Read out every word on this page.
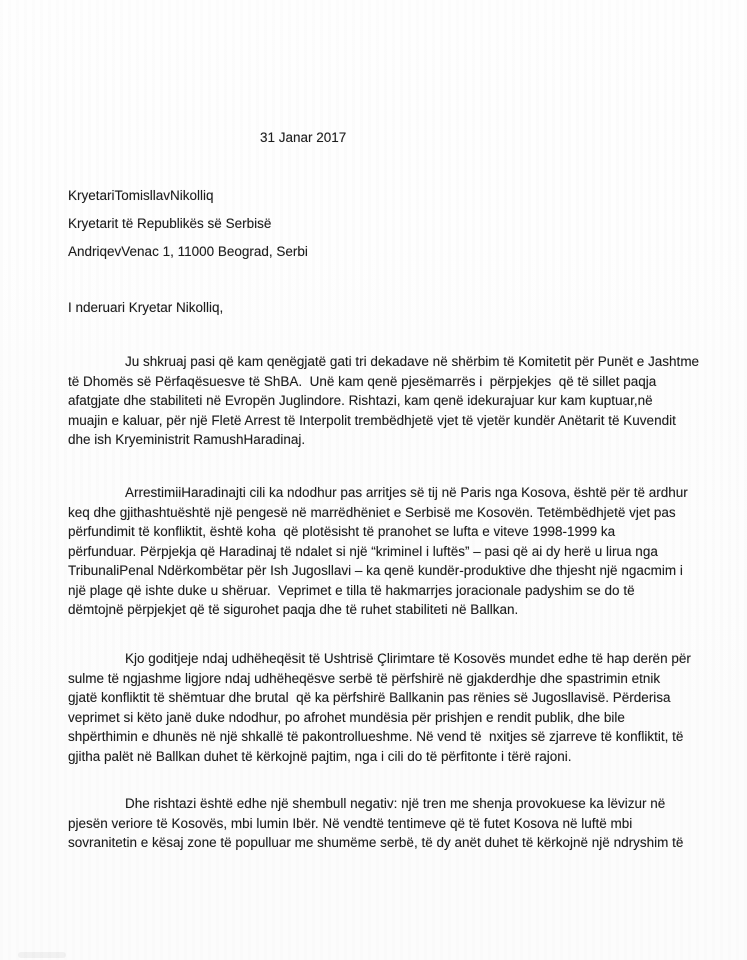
31 Janar 2017
KryetariTomisllavNikolliq
Kryetarit të Republikës së Serbisë
AndriqevVenac 1, 11000 Beograd, Serbi
I nderuari Kryetar Nikolliq,
Ju shkruaj pasi që kam qenëgjatë gati tri dekadave në shërbim të Komitetit për Punët e Jashtme
të Dhomës së Përfaqësuesve të ShBA.  Unë kam qenë pjesëmarrës i  përpjekjes  që të sillet paqja
afatgjate dhe stabiliteti në Evropën Juglindore. Rishtazi, kam qenë idekurajuar kur kam kuptuar,në
muajin e kaluar, për një Fletë Arrest të Interpolit trembëdhjetë vjet të vjetër kundër Anëtarit të Kuvendit
dhe ish Kryeministrit RamushHaradinaj.
ArrestimiiHaradinajti cili ka ndodhur pas arritjes së tij në Paris nga Kosova, është për të ardhur
keq dhe gjithashtuështë një pengesë në marrëdhëniet e Serbisë me Kosovën. Tetëmbëdhjetë vjet pas
përfundimit të konfliktit, është koha  që plotësisht të pranohet se lufta e viteve 1998-1999 ka
përfunduar. Përpjekja që Haradinaj të ndalet si një “kriminel i luftës” – pasi që ai dy herë u lirua nga
TribunaliPenal Ndërkombëtar për Ish Jugosllavi – ka qenë kundër-produktive dhe thjesht një ngacmim i
një plage që ishte duke u shëruar.  Veprimet e tilla të hakmarrjes joracionale padyshim se do të
dëmtojnë përpjekjet që të sigurohet paqja dhe të ruhet stabiliteti në Ballkan.
Kjo goditjeje ndaj udhëheqësit të Ushtrisë Çlirimtare të Kosovës mundet edhe të hap derën për
sulme të ngjashme ligjore ndaj udhëheqësve serbë të përfshirë në gjakderdhje dhe spastrimin etnik
gjatë konfliktit të shëmtuar dhe brutal  që ka përfshirë Ballkanin pas rënies së Jugosllavisë. Përderisa
veprimet si këto janë duke ndodhur, po afrohet mundësia për prishjen e rendit publik, dhe bile
shpërthimin e dhunës në një shkallë të pakontrollueshme. Në vend të  nxitjes së zjarreve të konfliktit, të
gjitha palët në Ballkan duhet të kërkojnë pajtim, nga i cili do të përfitonte i tërë rajoni.
Dhe rishtazi është edhe një shembull negativ: një tren me shenja provokuese ka lëvizur në
pjesën veriore të Kosovës, mbi lumin Ibër. Në vendtë tentimeve që të futet Kosova në luftë mbi
sovranitetin e kësaj zone të populluar me shumëme serbë, të dy anët duhet të kërkojnë një ndryshim të
